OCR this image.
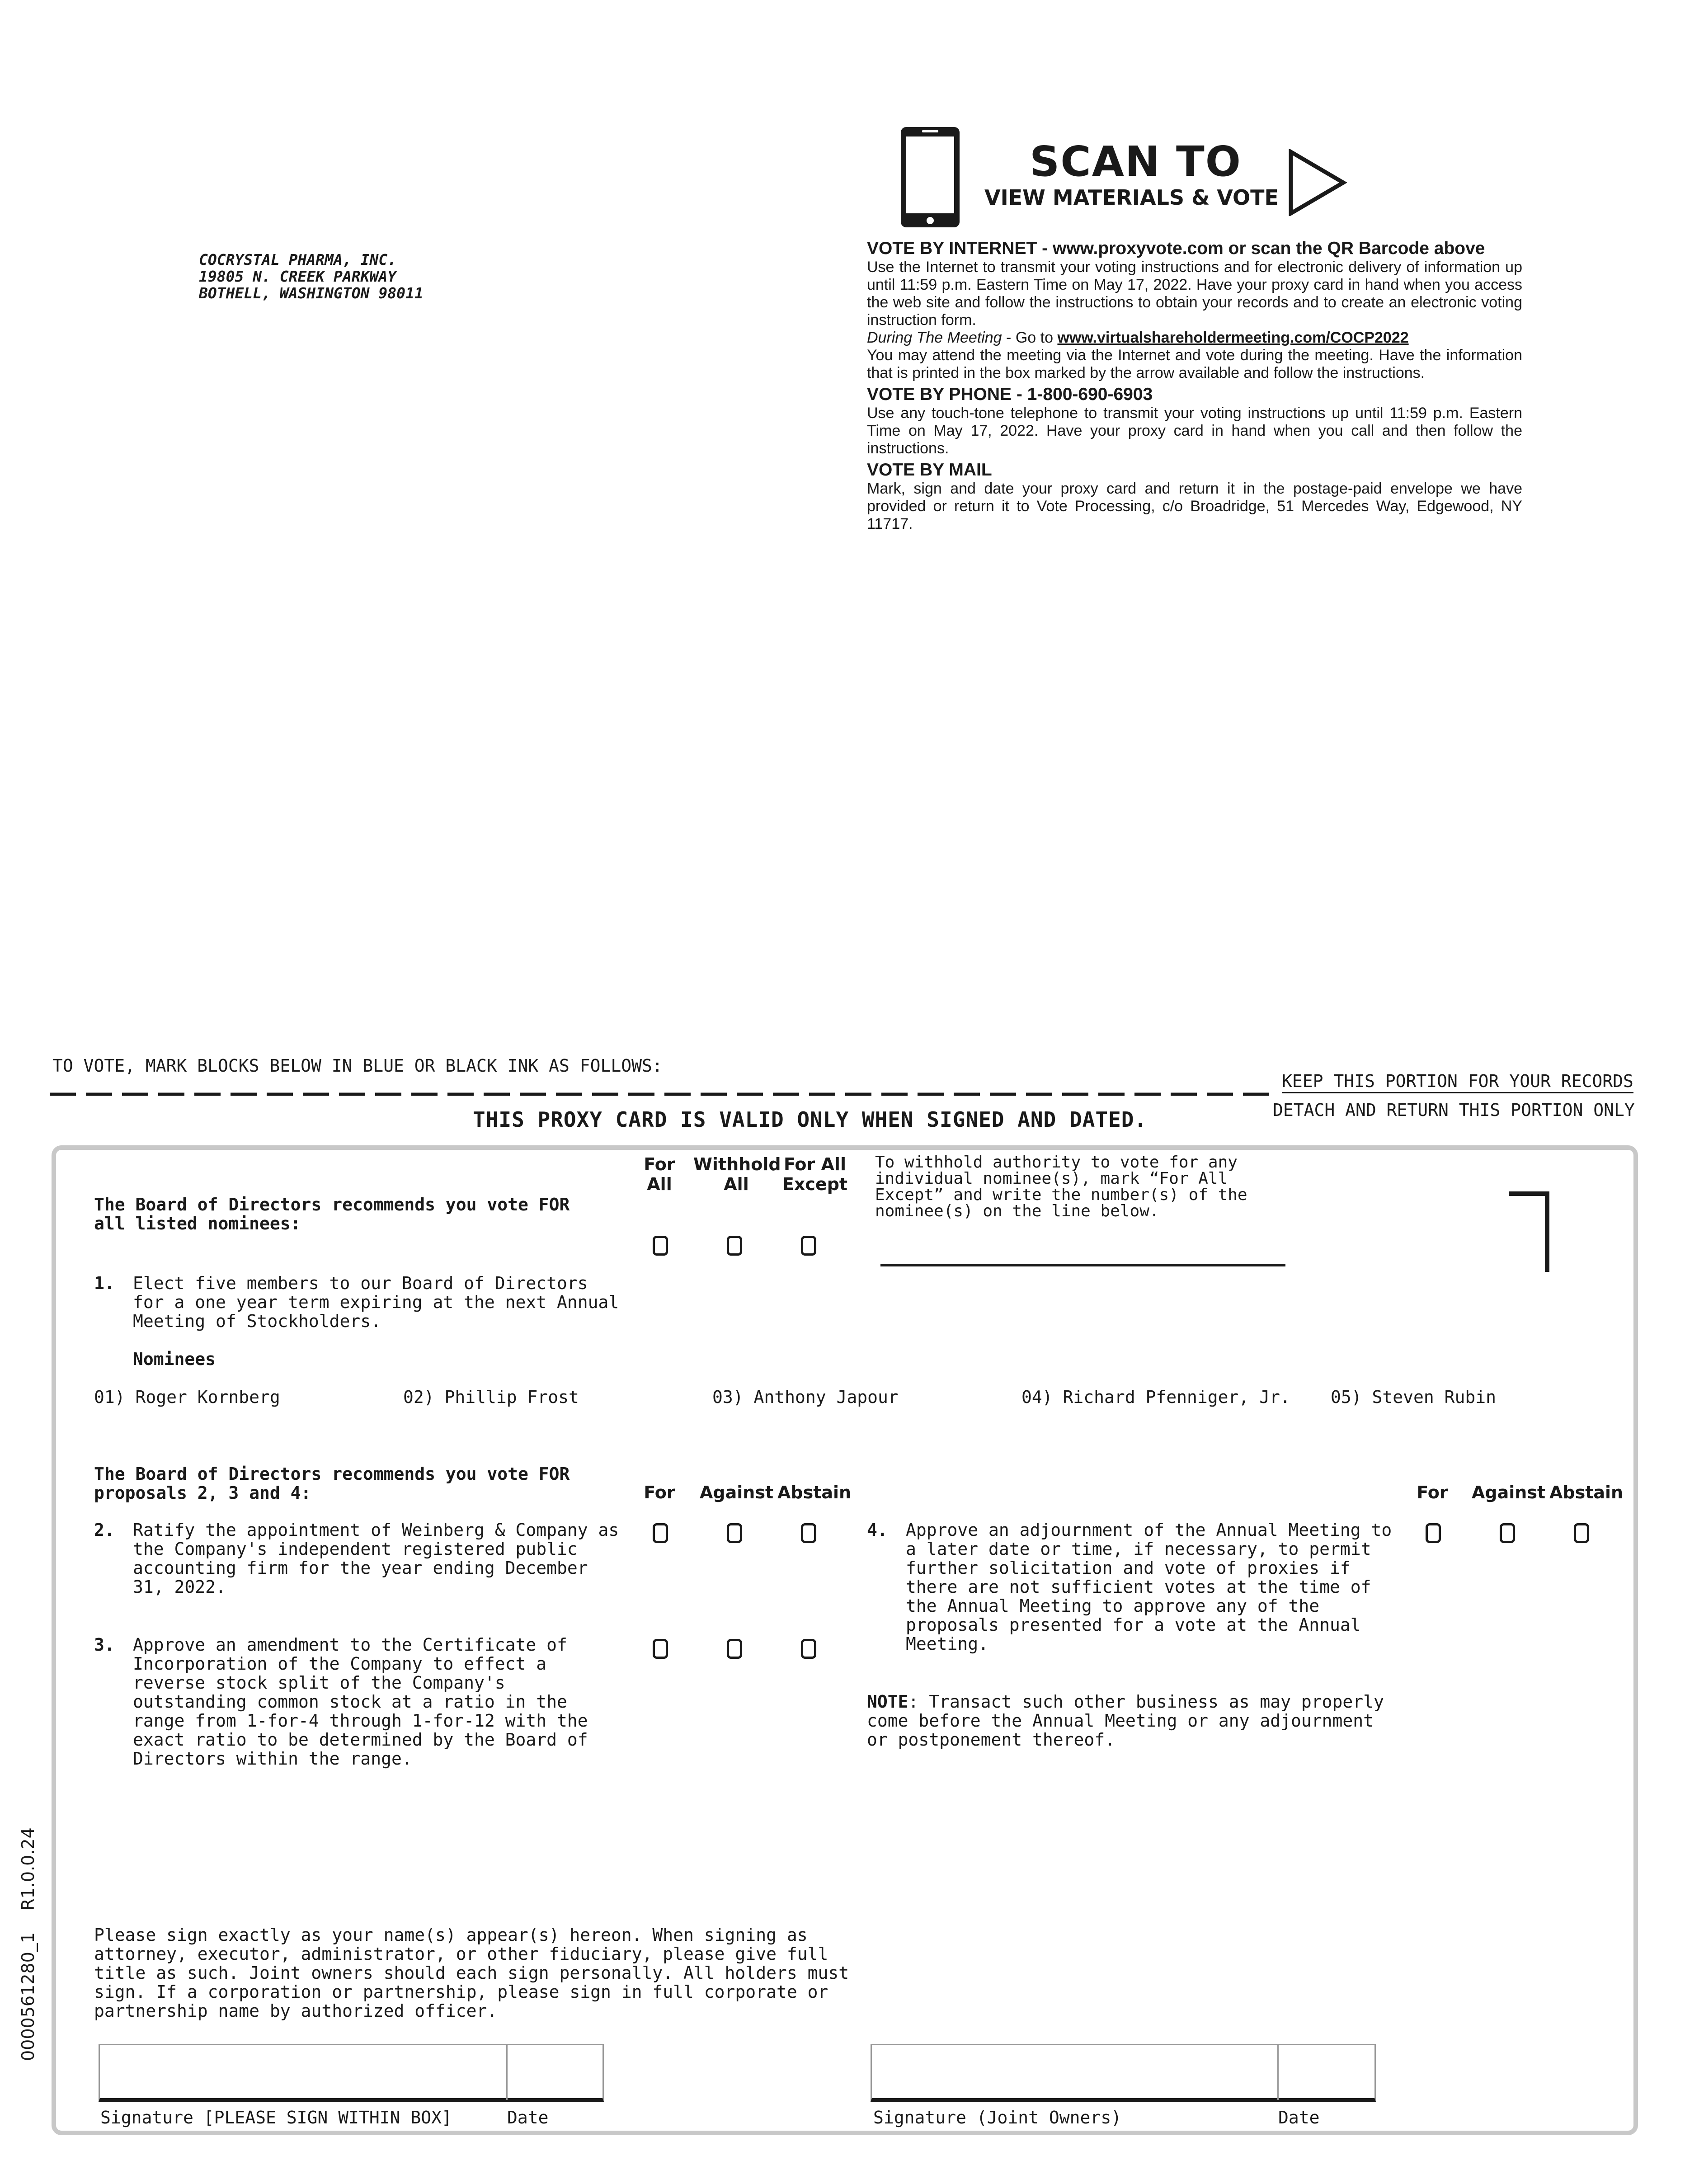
COCRYSTAL PHARMA, INC.
19805 N. CREEK PARKWAY
BOTHELL, WASHINGTON 98011
SCAN TO
VIEW MATERIALS & VOTE
VOTE BY INTERNET - www.proxyvote.com or scan the QR Barcode above
Use the Internet to transmit your voting instructions and for electronic delivery of information up until 11:59 p.m. Eastern Time on May 17, 2022. Have your proxy card in hand when you access the web site and follow the instructions to obtain your records and to create an electronic voting instruction form.
During The Meeting - Go to www.virtualshareholdermeeting.com/COCP2022
You may attend the meeting via the Internet and vote during the meeting. Have the information that is printed in the box marked by the arrow available and follow the instructions.
VOTE BY PHONE - 1-800-690-6903
Use any touch-tone telephone to transmit your voting instructions up until 11:59 p.m. Eastern Time on May 17, 2022. Have your proxy card in hand when you call and then follow the instructions.
VOTE BY MAIL
Mark, sign and date your proxy card and return it in the postage-paid envelope we have provided or return it to Vote Processing, c/o Broadridge, 51 Mercedes Way, Edgewood, NY 11717.
TO VOTE, MARK BLOCKS BELOW IN BLUE OR BLACK INK AS FOLLOWS:
KEEP THIS PORTION FOR YOUR RECORDS
DETACH AND RETURN THIS PORTION ONLY
THIS PROXY CARD IS VALID ONLY WHEN SIGNED AND DATED.
For
All
Withhold
All
For All
Except
To withhold authority to vote for any
individual nominee(s), mark “For All
Except” and write the number(s) of the
nominee(s) on the line below.
The Board of Directors recommends you vote FOR
all listed nominees:
1. Elect five members to our Board of Directors
for a one year term expiring at the next Annual
Meeting of Stockholders.
Nominees
01) Roger Kornberg	02) Phillip Frost	03) Anthony Japour	04) Richard Pfenniger, Jr. 05) Steven Rubin
The Board of Directors recommends you vote FOR
proposals 2, 3 and 4:	For	Against Abstain	For	Against Abstain
2. Ratify the appointment of Weinberg & Company as
the Company's independent registered public
accounting firm for the year ending December
31, 2022.
3. Approve an amendment to the Certificate of
Incorporation of the Company to effect a
reverse stock split of the Company's
outstanding common stock at a ratio in the
range from 1-for-4 through 1-for-12 with the
exact ratio to be determined by the Board of
Directors within the range.
4. Approve an adjournment of the Annual Meeting to
a later date or time, if necessary, to permit
further solicitation and vote of proxies if
there are not sufficient votes at the time of
the Annual Meeting to approve any of the
proposals presented for a vote at the Annual
Meeting.
NOTE: Transact such other business as may properly
come before the Annual Meeting or any adjournment
or postponement thereof.
Please sign exactly as your name(s) appear(s) hereon. When signing as
attorney, executor, administrator, or other fiduciary, please give full
title as such. Joint owners should each sign personally. All holders must
sign. If a corporation or partnership, please sign in full corporate or
partnership name by authorized officer.
Signature [PLEASE SIGN WITHIN BOX]	Date	Signature (Joint Owners)	Date
0000561280_1    R1.0.0.24
